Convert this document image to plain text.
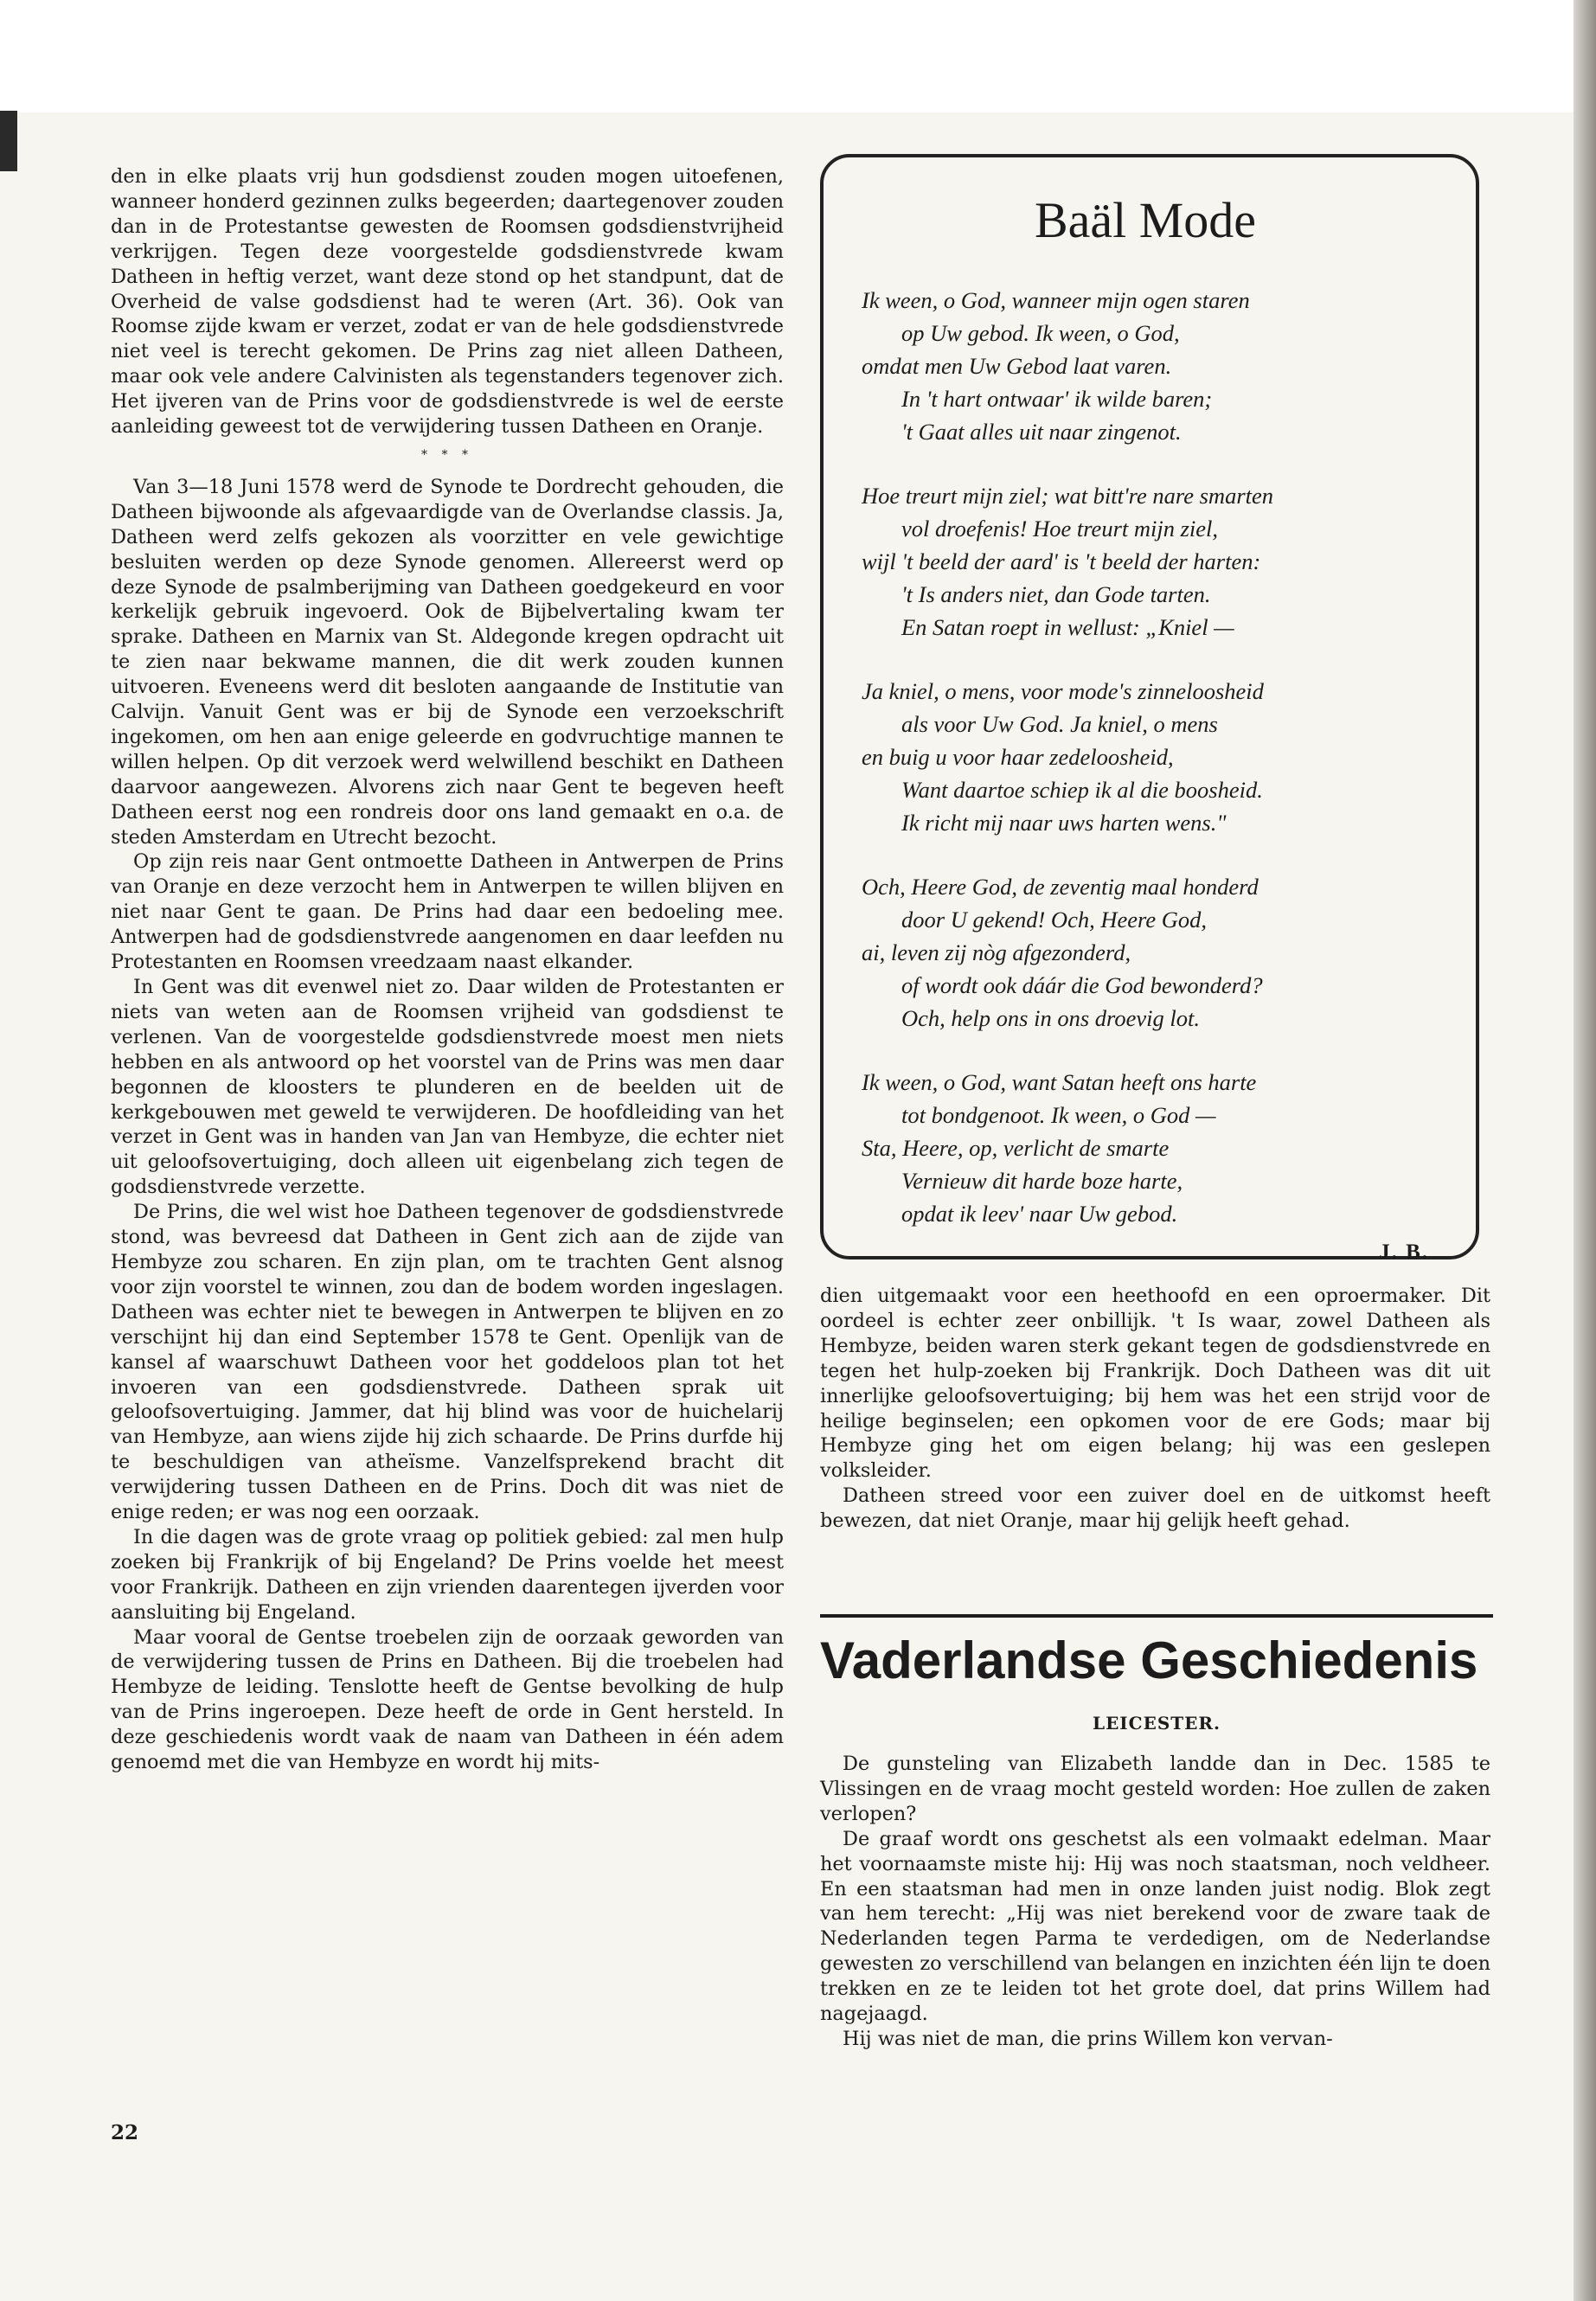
den in elke plaats vrij hun godsdienst zouden mogen uitoefenen, wanneer honderd gezinnen zulks begeerden; daartegenover zouden dan in de Protestantse gewesten de Roomsen godsdienstvrijheid verkrijgen. Tegen deze voorgestelde godsdienstvrede kwam Datheen in heftig verzet, want deze stond op het standpunt, dat de Overheid de valse godsdienst had te weren (Art. 36). Ook van Roomse zijde kwam er verzet, zodat er van de hele godsdienstvrede niet veel is terecht gekomen. De Prins zag niet alleen Datheen, maar ook vele andere Calvinisten als tegenstanders tegenover zich. Het ijveren van de Prins voor de godsdienstvrede is wel de eerste aanleiding geweest tot de verwijdering tussen Datheen en Oranje.

* * *

Van 3—18 Juni 1578 werd de Synode te Dordrecht gehouden, die Datheen bijwoonde als afgevaardigde van de Overlandse classis. Ja, Datheen werd zelfs gekozen als voorzitter en vele gewichtige besluiten werden op deze Synode genomen. Allereerst werd op deze Synode de psalmberijming van Datheen goedgekeurd en voor kerkelijk gebruik ingevoerd. Ook de Bijbelvertaling kwam ter sprake. Datheen en Marnix van St. Aldegonde kregen opdracht uit te zien naar bekwame mannen, die dit werk zouden kunnen uitvoeren. Eveneens werd dit besloten aangaande de Institutie van Calvijn. Vanuit Gent was er bij de Synode een verzoekschrift ingekomen, om hen aan enige geleerde en godvruchtige mannen te willen helpen. Op dit verzoek werd welwillend beschikt en Datheen daarvoor aangewezen. Alvorens zich naar Gent te begeven heeft Datheen eerst nog een rondreis door ons land gemaakt en o.a. de steden Amsterdam en Utrecht bezocht.

Op zijn reis naar Gent ontmoette Datheen in Antwerpen de Prins van Oranje en deze verzocht hem in Antwerpen te willen blijven en niet naar Gent te gaan. De Prins had daar een bedoeling mee. Antwerpen had de godsdienstvrede aangenomen en daar leefden nu Protestanten en Roomsen vreedzaam naast elkander.

In Gent was dit evenwel niet zo. Daar wilden de Protestanten er niets van weten aan de Roomsen vrijheid van godsdienst te verlenen. Van de voorgestelde godsdienstvrede moest men niets hebben en als antwoord op het voorstel van de Prins was men daar begonnen de kloosters te plunderen en de beelden uit de kerkgebouwen met geweld te verwijderen. De hoofdleiding van het verzet in Gent was in handen van Jan van Hembyze, die echter niet uit geloofsovertuiging, doch alleen uit eigenbelang zich tegen de godsdienstvrede verzette.

De Prins, die wel wist hoe Datheen tegenover de godsdienstvrede stond, was bevreesd dat Datheen in Gent zich aan de zijde van Hembyze zou scharen. En zijn plan, om te trachten Gent alsnog voor zijn voorstel te winnen, zou dan de bodem worden ingeslagen. Datheen was echter niet te bewegen in Antwerpen te blijven en zo verschijnt hij dan eind September 1578 te Gent. Openlijk van de kansel af waarschuwt Datheen voor het goddeloos plan tot het invoeren van een godsdienstvrede. Datheen sprak uit geloofsovertuiging. Jammer, dat hij blind was voor de huichelarij van Hembyze, aan wiens zijde hij zich schaarde. De Prins durfde hij te beschuldigen van atheïsme. Vanzelfsprekend bracht dit verwijdering tussen Datheen en de Prins. Doch dit was niet de enige reden; er was nog een oorzaak.

In die dagen was de grote vraag op politiek gebied: zal men hulp zoeken bij Frankrijk of bij Engeland? De Prins voelde het meest voor Frankrijk. Datheen en zijn vrienden daarentegen ijverden voor aansluiting bij Engeland.

Maar vooral de Gentse troebelen zijn de oorzaak geworden van de verwijdering tussen de Prins en Datheen. Bij die troebelen had Hembyze de leiding. Tenslotte heeft de Gentse bevolking de hulp van de Prins ingeroepen. Deze heeft de orde in Gent hersteld. In deze geschiedenis wordt vaak de naam van Datheen in één adem genoemd met die van Hembyze en wordt hij mits-

Baäl Mode
Ik ween, o God, wanneer mijn ogen staren
op Uw gebod. Ik ween, o God,
omdat men Uw Gebod laat varen.
In 't hart ontwaar' ik wilde baren;
't Gaat alles uit naar zingenot.
Hoe treurt mijn ziel; wat bitt're nare smarten
vol droefenis! Hoe treurt mijn ziel,
wijl 't beeld der aard' is 't beeld der harten:
't Is anders niet, dan Gode tarten.
En Satan roept in wellust: „Kniel —
Ja kniel, o mens, voor mode's zinneloosheid
als voor Uw God. Ja kniel, o mens
en buig u voor haar zedeloosheid,
Want daartoe schiep ik al die boosheid.
Ik richt mij naar uws harten wens."
Och, Heere God, de zeventig maal honderd
door U gekend! Och, Heere God,
ai, leven zij nòg afgezonderd,
of wordt ook dáár die God bewonderd?
Och, help ons in ons droevig lot.
Ik ween, o God, want Satan heeft ons harte
tot bondgenoot. Ik ween, o God —
Sta, Heere, op, verlicht de smarte
Vernieuw dit harde boze harte,
opdat ik leev' naar Uw gebod.
J. B.

dien uitgemaakt voor een heethoofd en een oproermaker. Dit oordeel is echter zeer onbillijk. 't Is waar, zowel Datheen als Hembyze, beiden waren sterk gekant tegen de godsdienstvrede en tegen het hulp-zoeken bij Frankrijk. Doch Datheen was dit uit innerlijke geloofsovertuiging; bij hem was het een strijd voor de heilige beginselen; een opkomen voor de ere Gods; maar bij Hembyze ging het om eigen belang; hij was een geslepen volksleider.

Datheen streed voor een zuiver doel en de uitkomst heeft bewezen, dat niet Oranje, maar hij gelijk heeft gehad.

Vaderlandse Geschiedenis
LEICESTER.

De gunsteling van Elizabeth landde dan in Dec. 1585 te Vlissingen en de vraag mocht gesteld worden: Hoe zullen de zaken verlopen?

De graaf wordt ons geschetst als een volmaakt edelman. Maar het voornaamste miste hij: Hij was noch staatsman, noch veldheer. En een staatsman had men in onze landen juist nodig. Blok zegt van hem terecht: „Hij was niet berekend voor de zware taak de Nederlanden tegen Parma te verdedigen, om de Nederlandse gewesten zo verschillend van belangen en inzichten één lijn te doen trekken en ze te leiden tot het grote doel, dat prins Willem had nagejaagd.

Hij was niet de man, die prins Willem kon vervan-

22
